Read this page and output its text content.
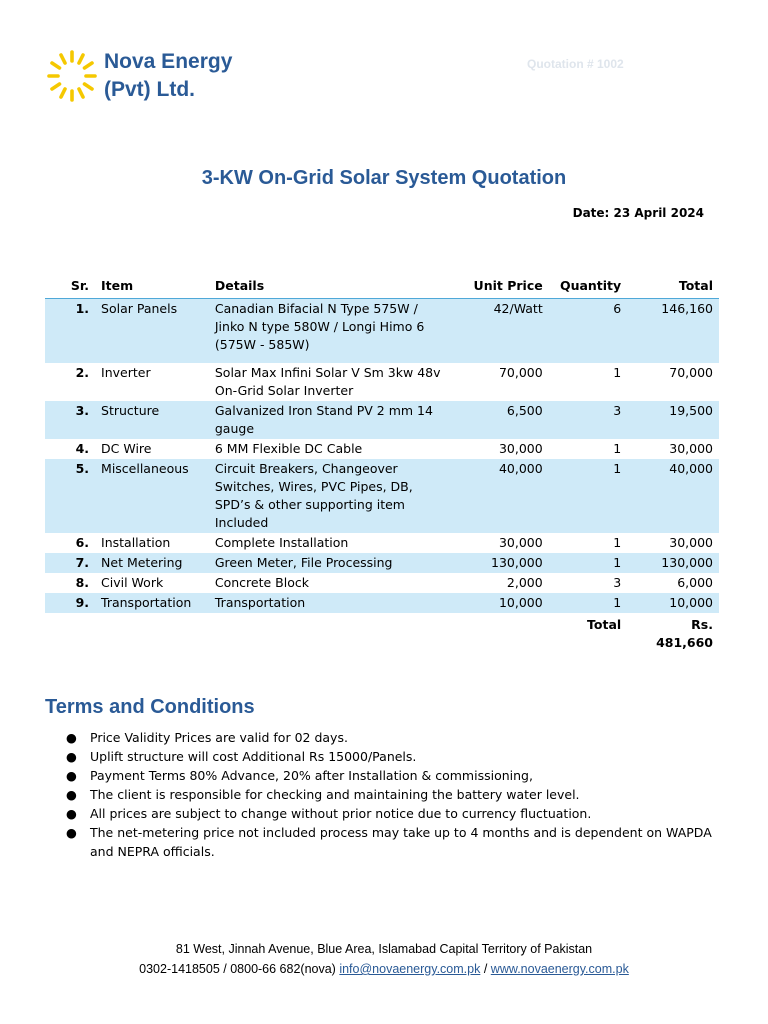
Nova Energy
(Pvt) Ltd.
Quotation # 1002
3-KW On-Grid Solar System Quotation
Date: 23 April 2024
Sr.	Item	Details	Unit Price	Quantity	Total
1.	Solar Panels	Canadian Bifacial N Type 575W / Jinko N type 580W / Longi Himo 6 (575W - 585W)	42/Watt	6	146,160
2.	Inverter	Solar Max Infini Solar V Sm 3kw 48v On-Grid Solar Inverter	70,000	1	70,000
3.	Structure	Galvanized Iron Stand PV 2 mm 14 gauge	6,500	3	19,500
4.	DC Wire	6 MM Flexible DC Cable	30,000	1	30,000
5.	Miscellaneous	Circuit Breakers, Changeover Switches, Wires, PVC Pipes, DB, SPD’s & other supporting item Included	40,000	1	40,000
6.	Installation	Complete Installation	30,000	1	30,000
7.	Net Metering	Green Meter, File Processing	130,000	1	130,000
8.	Civil Work	Concrete Block	2,000	3	6,000
9.	Transportation	Transportation	10,000	1	10,000
				Total	Rs. 481,660
Terms and Conditions
● Price Validity Prices are valid for 02 days.
● Uplift structure will cost Additional Rs 15000/Panels.
● Payment Terms 80% Advance, 20% after Installation & commissioning,
● The client is responsible for checking and maintaining the battery water level.
● All prices are subject to change without prior notice due to currency fluctuation.
● The net-metering price not included process may take up to 4 months and is dependent on WAPDA and NEPRA officials.
81 West, Jinnah Avenue, Blue Area, Islamabad Capital Territory of Pakistan
0302-1418505 / 0800-66 682(nova) info@novaenergy.com.pk / www.novaenergy.com.pk
